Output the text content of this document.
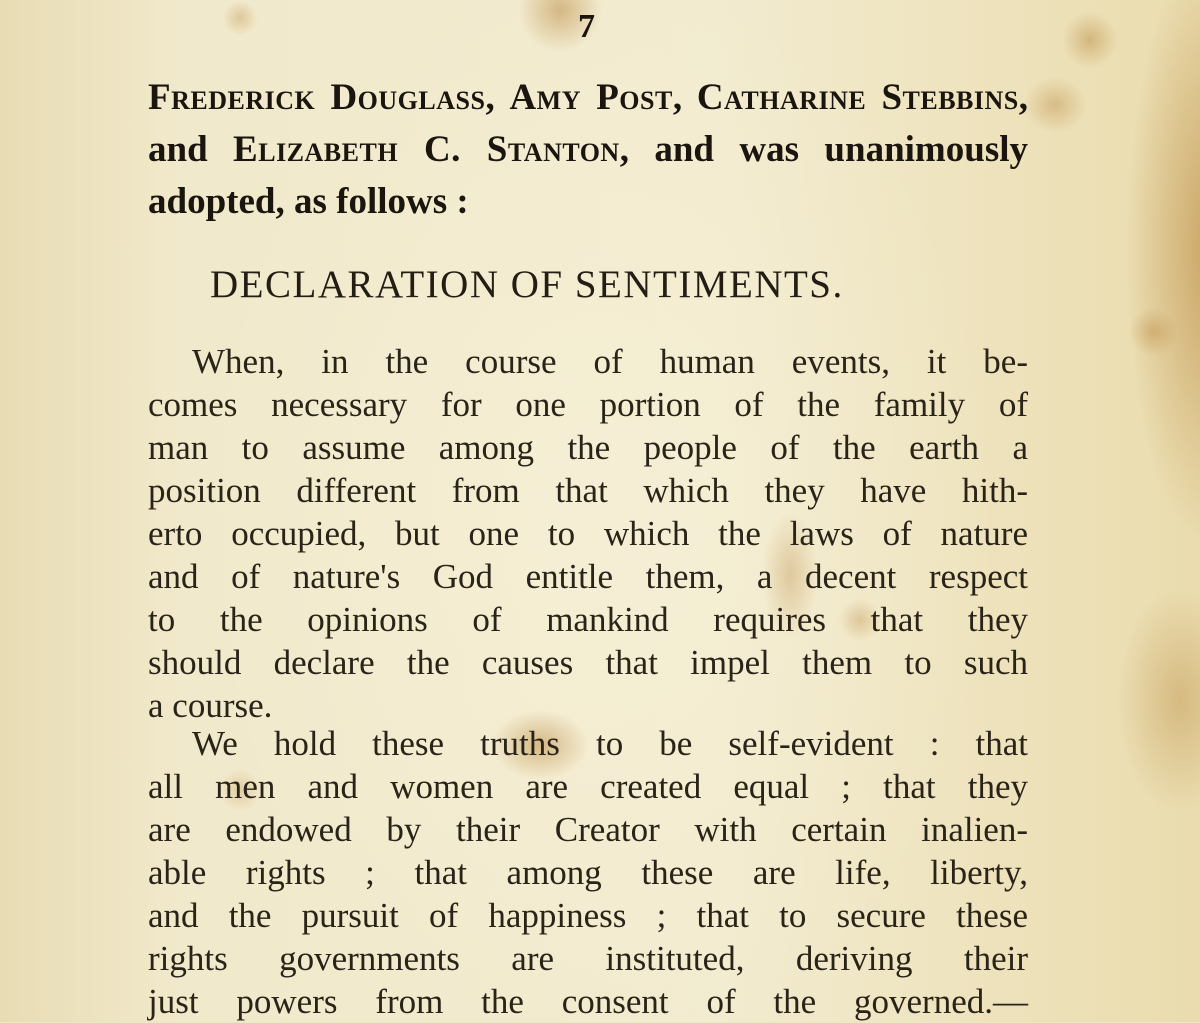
7
Frederick Douglass, Amy Post, Catharine Stebbins, and Elizabeth C. Stanton, and was unanimously adopted, as follows :
DECLARATION OF SENTIMENTS.
When, in the course of human events, it be-
comes necessary for one portion of the family of
man to assume among the people of the earth a
position different from that which they have hith-
erto occupied, but one to which the laws of nature
and of nature's God entitle them, a decent respect
to the opinions of mankind requires that they
should declare the causes that impel them to such
a course.
We hold these truths to be self-evident : that
all men and women are created equal ; that they
are endowed by their Creator with certain inalien-
able rights ; that among these are life, liberty,
and the pursuit of happiness ; that to secure these
rights governments are instituted, deriving their
just powers from the consent of the governed.—
